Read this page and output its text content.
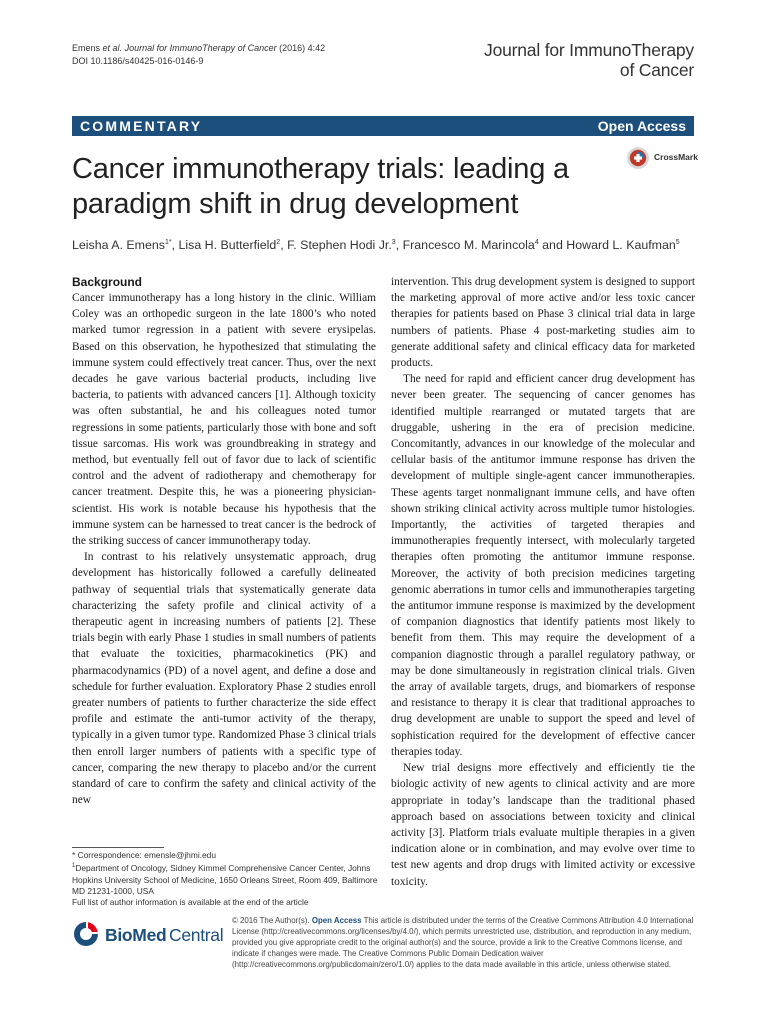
Emens et al. Journal for ImmunoTherapy of Cancer (2016) 4:42
DOI 10.1186/s40425-016-0146-9
Journal for ImmunoTherapy
of Cancer
COMMENTARY	Open Access
Cancer immunotherapy trials: leading a paradigm shift in drug development
CrossMark
Leisha A. Emens$^{1*}$, Lisa H. Butterfield$^2$, F. Stephen Hodi Jr.$^3$, Francesco M. Marincola$^4$ and Howard L. Kaufman$^5$
Background

Cancer immunotherapy has a long history in the clinic. William Coley was an orthopedic surgeon in the late 1800’s who noted marked tumor regression in a patient with severe erysipelas. Based on this observation, he hypothesized that stimulating the immune system could effectively treat cancer. Thus, over the next decades he gave various bacterial products, including live bacteria, to patients with advanced cancers [1]. Although toxicity was often substantial, he and his colleagues noted tumor regressions in some patients, particularly those with bone and soft tissue sarcomas. His work was groundbreaking in strategy and method, but eventually fell out of favor due to lack of scientific control and the advent of radiotherapy and chemotherapy for cancer treatment. Despite this, he was a pioneering physician-scientist. His work is notable because his hypothesis that the immune system can be harnessed to treat cancer is the bedrock of the striking success of cancer immunotherapy today.

In contrast to his relatively unsystematic approach, drug development has historically followed a carefully delineated pathway of sequential trials that systematically generate data characterizing the safety profile and clinical activity of a therapeutic agent in increasing numbers of patients [2]. These trials begin with early Phase 1 studies in small numbers of patients that evaluate the toxicities, pharmacokinetics (PK) and pharmacodynamics (PD) of a novel agent, and define a dose and schedule for further evaluation. Exploratory Phase 2 studies enroll greater numbers of patients to further characterize the side effect profile and estimate the anti-tumor activity of the therapy, typically in a given tumor type. Randomized Phase 3 clinical trials then enroll larger numbers of patients with a specific type of cancer, comparing the new therapy to placebo and/or the current standard of care to confirm the safety and clinical activity of the new

intervention. This drug development system is designed to support the marketing approval of more active and/or less toxic cancer therapies for patients based on Phase 3 clinical trial data in large numbers of patients. Phase 4 post-marketing studies aim to generate additional safety and clinical efficacy data for marketed products.

The need for rapid and efficient cancer drug development has never been greater. The sequencing of cancer genomes has identified multiple rearranged or mutated targets that are druggable, ushering in the era of precision medicine. Concomitantly, advances in our knowledge of the molecular and cellular basis of the antitumor immune response has driven the development of multiple single-agent cancer immunotherapies. These agents target nonmalignant immune cells, and have often shown striking clinical activity across multiple tumor histologies. Importantly, the activities of targeted therapies and immunotherapies frequently intersect, with molecularly targeted therapies often promoting the antitumor immune response. Moreover, the activity of both precision medicines targeting genomic aberrations in tumor cells and immunotherapies targeting the antitumor immune response is maximized by the development of companion diagnostics that identify patients most likely to benefit from them. This may require the development of a companion diagnostic through a parallel regulatory pathway, or may be done simultaneously in registration clinical trials. Given the array of available targets, drugs, and biomarkers of response and resistance to therapy it is clear that traditional approaches to drug development are unable to support the speed and level of sophistication required for the development of effective cancer therapies today.

New trial designs more effectively and efficiently tie the biologic activity of new agents to clinical activity and are more appropriate in today’s landscape than the traditional phased approach based on associations between toxicity and clinical activity [3]. Platform trials evaluate multiple therapies in a given indication alone or in combination, and may evolve over time to test new agents and drop drugs with limited activity or excessive toxicity.

* Correspondence: emensle@jhmi.edu

$^1$Department of Oncology, Sidney Kimmel Comprehensive Cancer Center, Johns Hopkins University School of Medicine, 1650 Orleans Street, Room 409, Baltimore MD 21231-1000, USA

Full list of author information is available at the end of the article

BioMed Central
© 2016 The Author(s). Open Access This article is distributed under the terms of the Creative Commons Attribution 4.0 International License (http://creativecommons.org/licenses/by/4.0/), which permits unrestricted use, distribution, and reproduction in any medium, provided you give appropriate credit to the original author(s) and the source, provide a link to the Creative Commons license, and indicate if changes were made. The Creative Commons Public Domain Dedication waiver (http://creativecommons.org/publicdomain/zero/1.0/) applies to the data made available in this article, unless otherwise stated.
